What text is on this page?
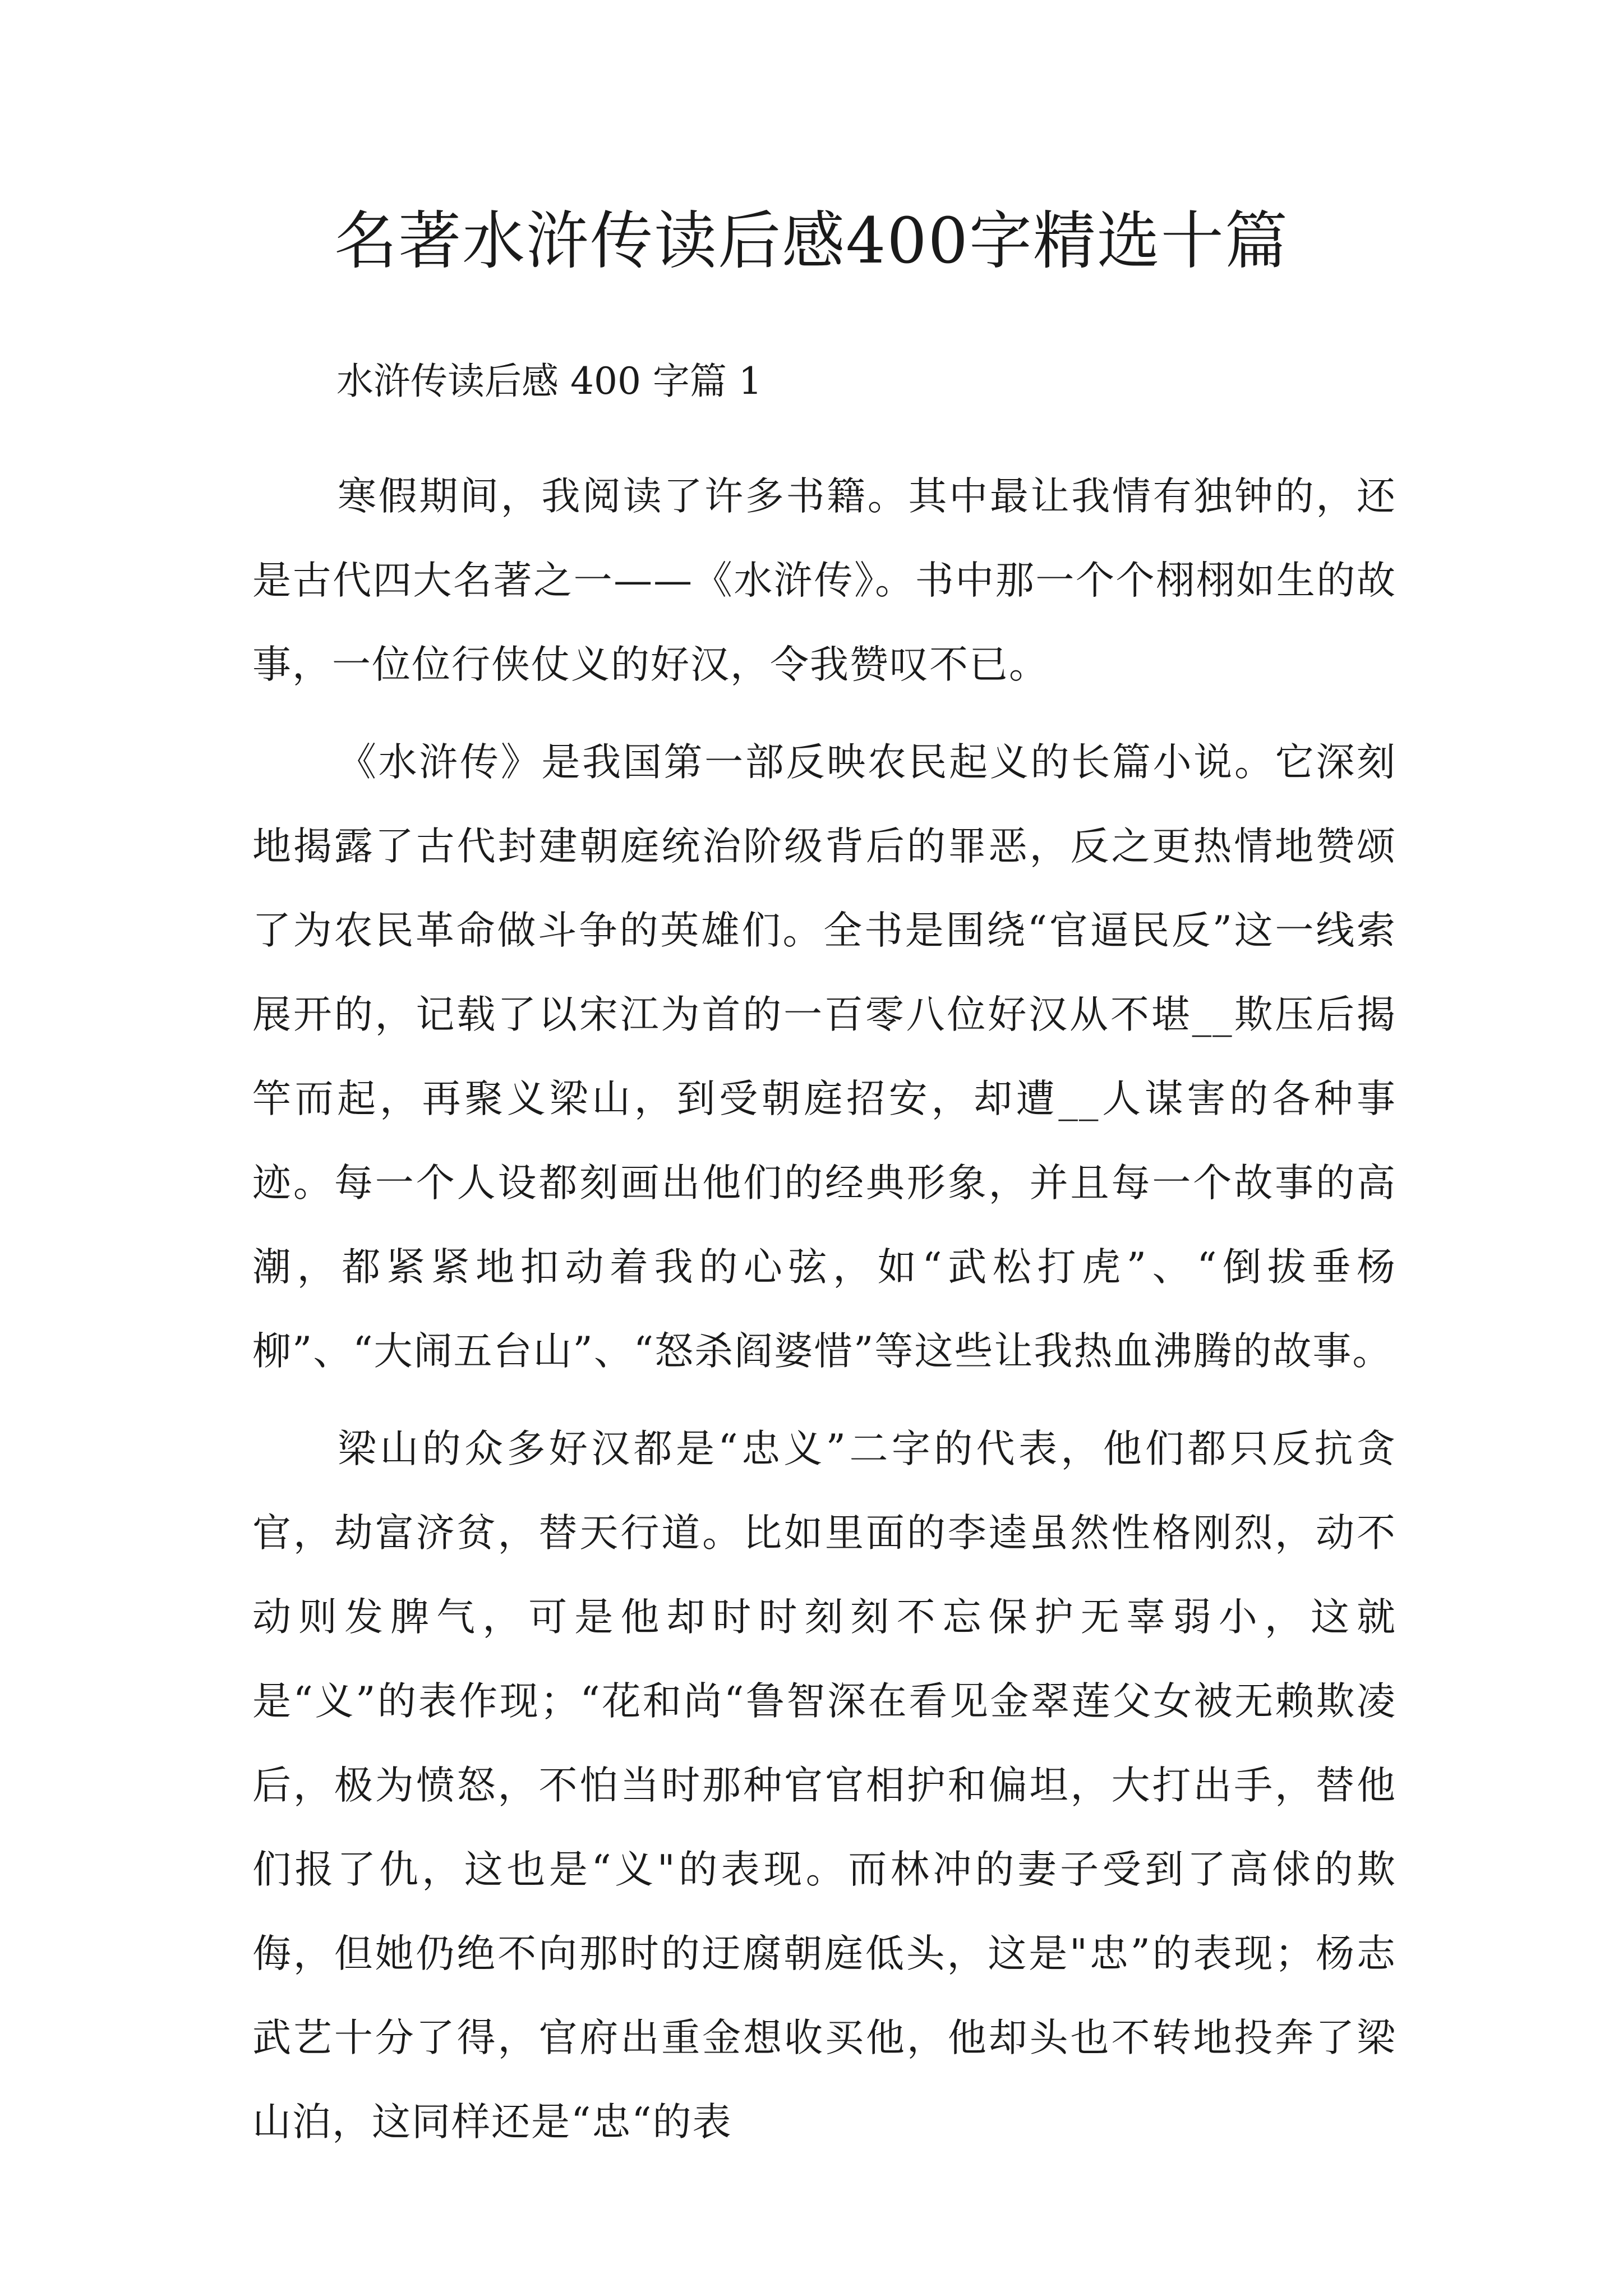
名著水浒传读后感400字精选十篇

水浒传读后感 400 字篇 1

寒假期间，我阅读了许多书籍。其中最让我情有独钟的，还是古代四大名著之一——《水浒传》。书中那一个个栩栩如生的故事，一位位行侠仗义的好汉，令我赞叹不已。

《水浒传》是我国第一部反映农民起义的长篇小说。它深刻地揭露了古代封建朝庭统治阶级背后的罪恶，反之更热情地赞颂了为农民革命做斗争的英雄们。全书是围绕“官逼民反”这一线索展开的，记载了以宋江为首的一百零八位好汉从不堪__欺压后揭竿而起，再聚义梁山，到受朝庭招安，却遭__人谋害的各种事迹。每一个人设都刻画出他们的经典形象，并且每一个故事的高潮，都紧紧地扣动着我的心弦，如“武松打虎”、“倒拔垂杨柳”、“大闹五台山”、“怒杀阎婆惜”等这些让我热血沸腾的故事。

梁山的众多好汉都是“忠义”二字的代表，他们都只反抗贪官，劫富济贫，替天行道。比如里面的李逵虽然性格刚烈，动不动则发脾气，可是他却时时刻刻不忘保护无辜弱小，这就是“义”的表作现；“花和尚“鲁智深在看见金翠莲父女被无赖欺凌后，极为愤怒，不怕当时那种官官相护和偏坦，大打出手，替他们报了仇，这也是“义"的表现。而林冲的妻子受到了高俅的欺侮，但她仍绝不向那时的迂腐朝庭低头，这是"忠”的表现；杨志武艺十分了得，官府出重金想收买他，他却头也不转地投奔了梁山泊，这同样还是“忠“的表
